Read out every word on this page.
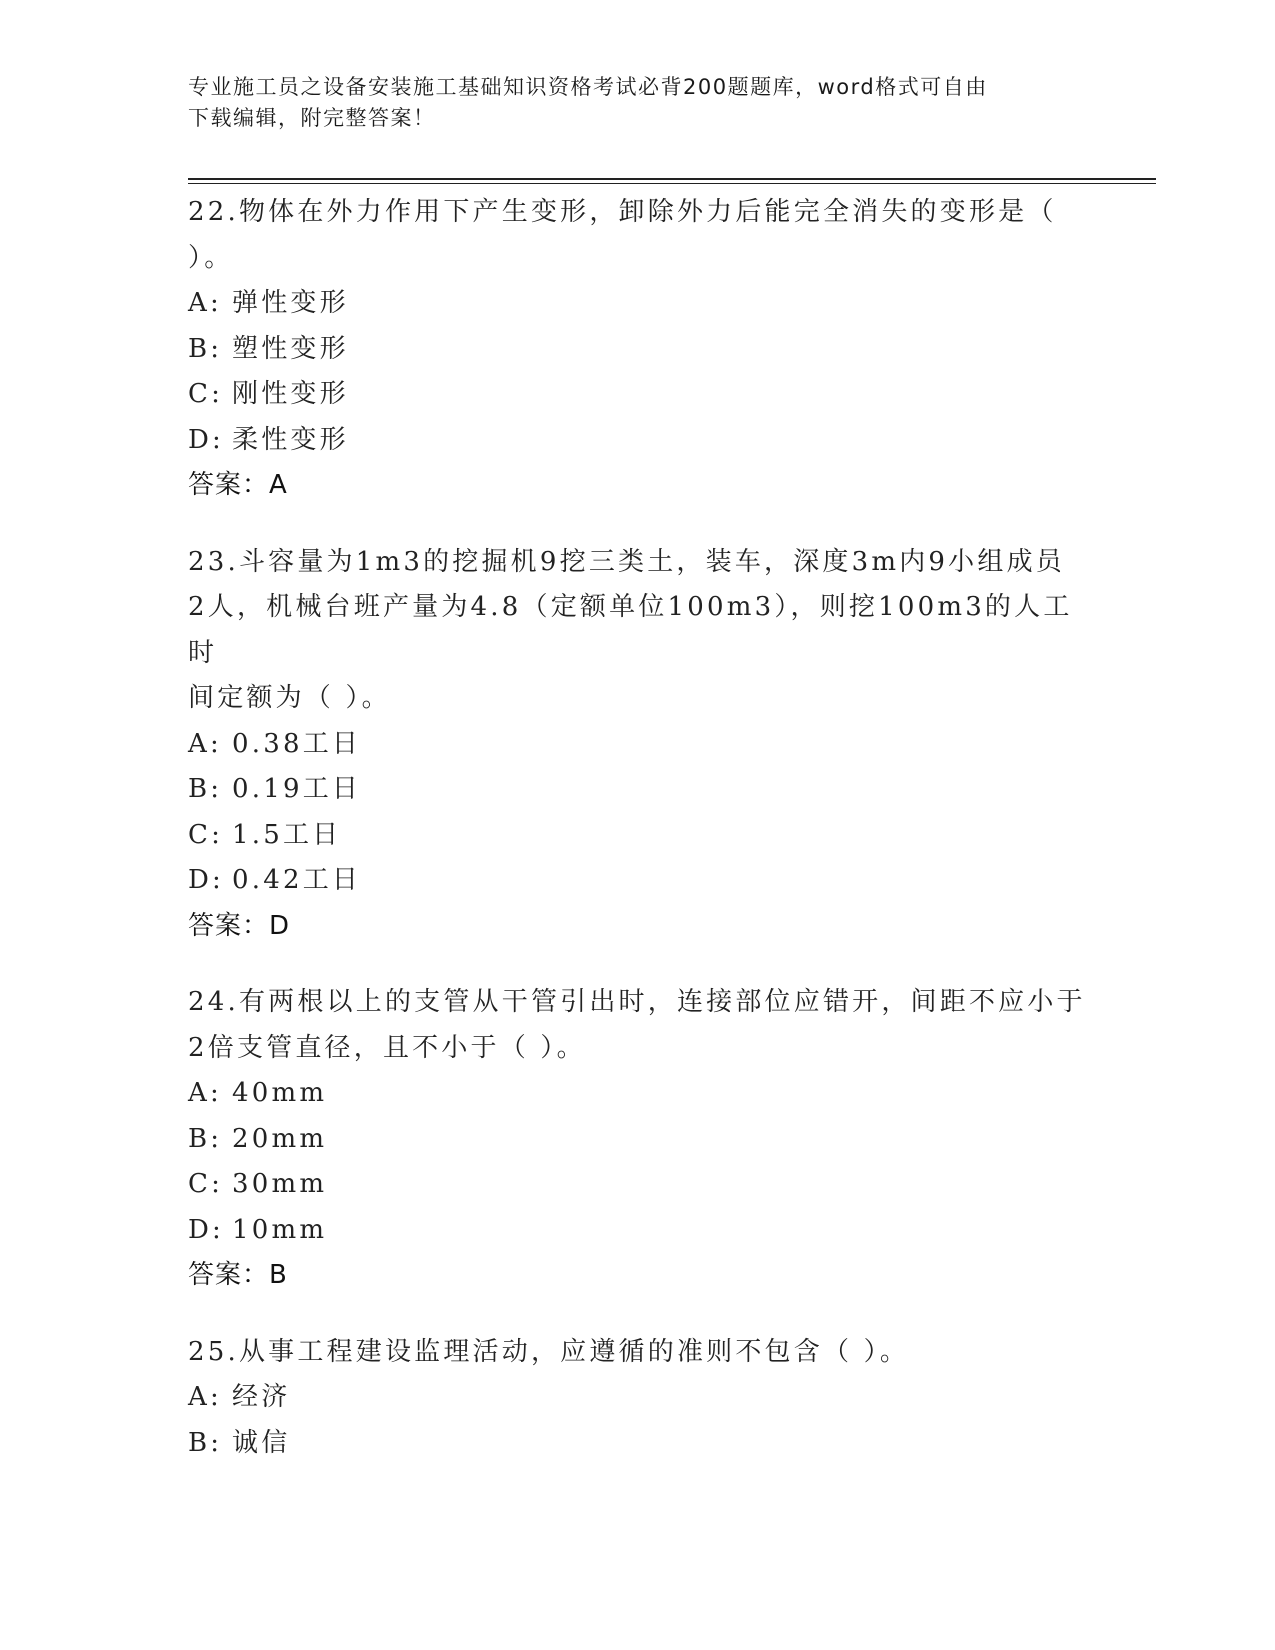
专业施工员之设备安装施工基础知识资格考试必背200题题库，word格式可自由
下载编辑，附完整答案！

22.物体在外力作用下产生变形，卸除外力后能完全消失的变形是（

）。

A: 弹性变形
B: 塑性变形
C: 刚性变形
D: 柔性变形

答案：A

23.斗容量为1m3的挖掘机9挖三类土，装车，深度3m内9小组成员

2人，机械台班产量为4.8（定额单位100m3），则挖100m3的人工时

间定额为（ ）。

A: 0.38工日
B: 0.19工日
C: 1.5工日
D: 0.42工日

答案：D

24.有两根以上的支管从干管引出时，连接部位应错开，间距不应小于

2倍支管直径，且不小于（ ）。

A: 40mm
B: 20mm
C: 30mm
D: 10mm

答案：B

25.从事工程建设监理活动，应遵循的准则不包含（ ）。

A: 经济
B: 诚信
